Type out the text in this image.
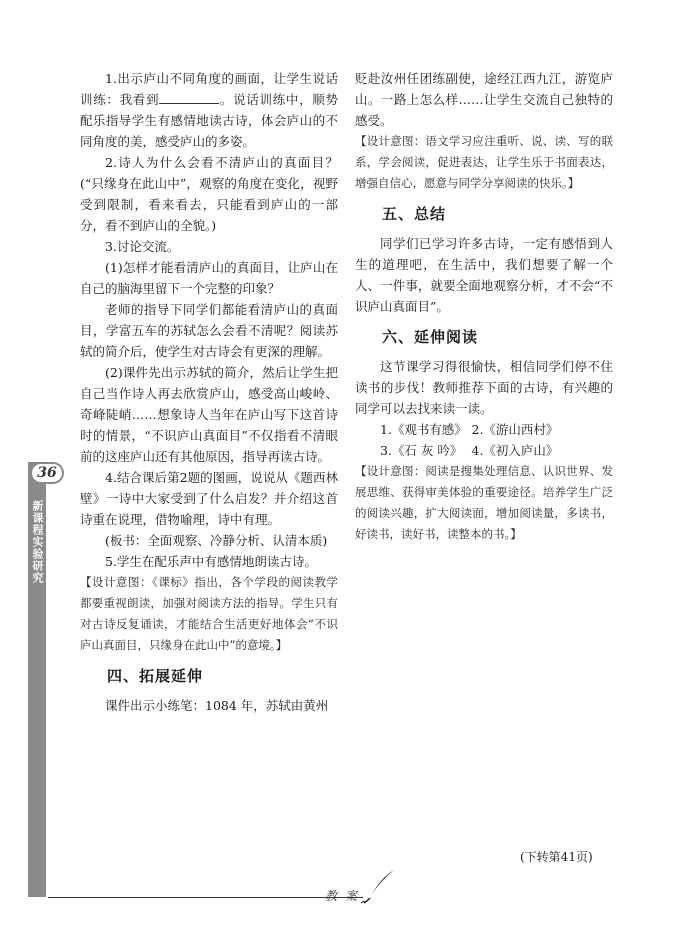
36
新课程实验研究
二〇一三年 第六期

1.出示庐山不同角度的画面，让学生说话训练：我看到	。说话训练中，顺势配乐指导学生有感情地读古诗，体会庐山的不同角度的美，感受庐山的多姿。

2.诗人为什么会看不清庐山的真面目？(“只缘身在此山中”，观察的角度在变化，视野受到限制，看来看去，只能看到庐山的一部分，看不到庐山的全貌。)

3.讨论交流。

(1)怎样才能看清庐山的真面目，让庐山在自己的脑海里留下一个完整的印象？

老师的指导下同学们都能看清庐山的真面目，学富五车的苏轼怎么会看不清呢？阅读苏轼的简介后，使学生对古诗会有更深的理解。

(2)课件先出示苏轼的简介，然后让学生把自己当作诗人再去欣赏庐山，感受高山峻岭、奇峰陡峭……想象诗人当年在庐山写下这首诗时的情景，“不识庐山真面目”不仅指看不清眼前的这座庐山还有其他原因，指导再读古诗。

4.结合课后第2题的图画，说说从《题西林壁》一诗中大家受到了什么启发？并介绍这首诗重在说理，借物喻理，诗中有理。

(板书：全面观察、冷静分析、认清本质)

5.学生在配乐声中有感情地朗读古诗。

【设计意图：《课标》指出，各个学段的阅读教学都要重视朗读，加强对阅读方法的指导。学生只有对古诗反复诵读，才能结合生活更好地体会“不识庐山真面目，只缘身在此山中”的意境。】

四、拓展延伸

课件出示小练笔：1084 年，苏轼由黄州

贬赴汝州任团练副使，途经江西九江，游览庐山。一路上怎么样……让学生交流自己独特的感受。

【设计意图：语文学习应注重听、说、读、写的联系，学会阅读，促进表达，让学生乐于书面表达，增强自信心，愿意与同学分享阅读的快乐。】

五、总结

同学们已学习许多古诗，一定有感悟到人生的道理吧，在生活中，我们想要了解一个人、一件事，就要全面地观察分析，才不会“不识庐山真面目”。

六、延伸阅读

这节课学习得很愉快，相信同学们停不住读书的步伐！教师推荐下面的古诗，有兴趣的同学可以去找来读一读。

1.《观书有感》 2.《游山西村》
3.《石 灰 吟》 4.《初入庐山》

【设计意图：阅读是搜集处理信息、认识世界、发展思维、获得审美体验的重要途径。培养学生广泛的阅读兴趣，扩大阅读面，增加阅读量，多读书，好读书，读好书，读整本的书。】

(下转第41页)
教案
